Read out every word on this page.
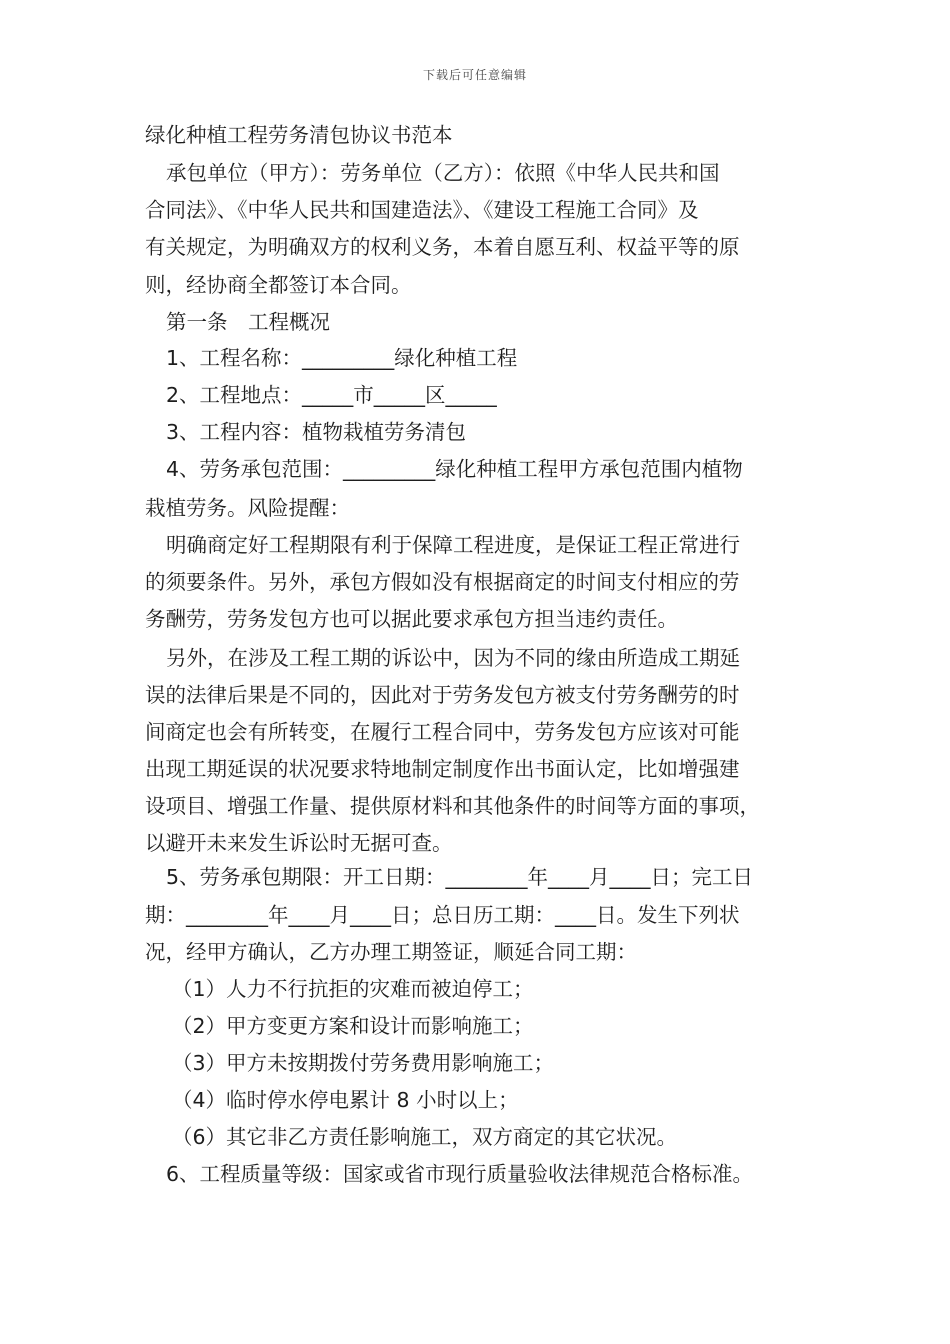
下载后可任意编辑
绿化种植工程劳务清包协议书范本
承包单位（甲方）：劳务单位（乙方）：依照《中华人民共和国
合同法》、《中华人民共和国建造法》、《建设工程施工合同》及
有关规定，为明确双方的权利义务，本着自愿互利、权益平等的原
则，经协商全都签订本合同。
第一条　工程概况
1、工程名称：_________绿化种植工程
2、工程地点：_____市_____区_____
3、工程内容：植物栽植劳务清包
4、劳务承包范围：_________绿化种植工程甲方承包范围内植物
栽植劳务。风险提醒：
明确商定好工程期限有利于保障工程进度，是保证工程正常进行
的须要条件。另外，承包方假如没有根据商定的时间支付相应的劳
务酬劳，劳务发包方也可以据此要求承包方担当违约责任。
另外，在涉及工程工期的诉讼中，因为不同的缘由所造成工期延
误的法律后果是不同的，因此对于劳务发包方被支付劳务酬劳的时
间商定也会有所转变，在履行工程合同中，劳务发包方应该对可能
出现工期延误的状况要求特地制定制度作出书面认定，比如增强建
设项目、增强工作量、提供原材料和其他条件的时间等方面的事项，
以避开未来发生诉讼时无据可查。
5、劳务承包期限：开工日期：________年____月____日；完工日
期：________年____月____日；总日历工期：____日。发生下列状
况，经甲方确认，乙方办理工期签证，顺延合同工期：
（1）人力不行抗拒的灾难而被迫停工；
（2）甲方变更方案和设计而影响施工；
（3）甲方未按期拨付劳务费用影响施工；
（4）临时停水停电累计 8 小时以上；
（6）其它非乙方责任影响施工，双方商定的其它状况。
6、工程质量等级：国家或省市现行质量验收法律规范合格标准。
